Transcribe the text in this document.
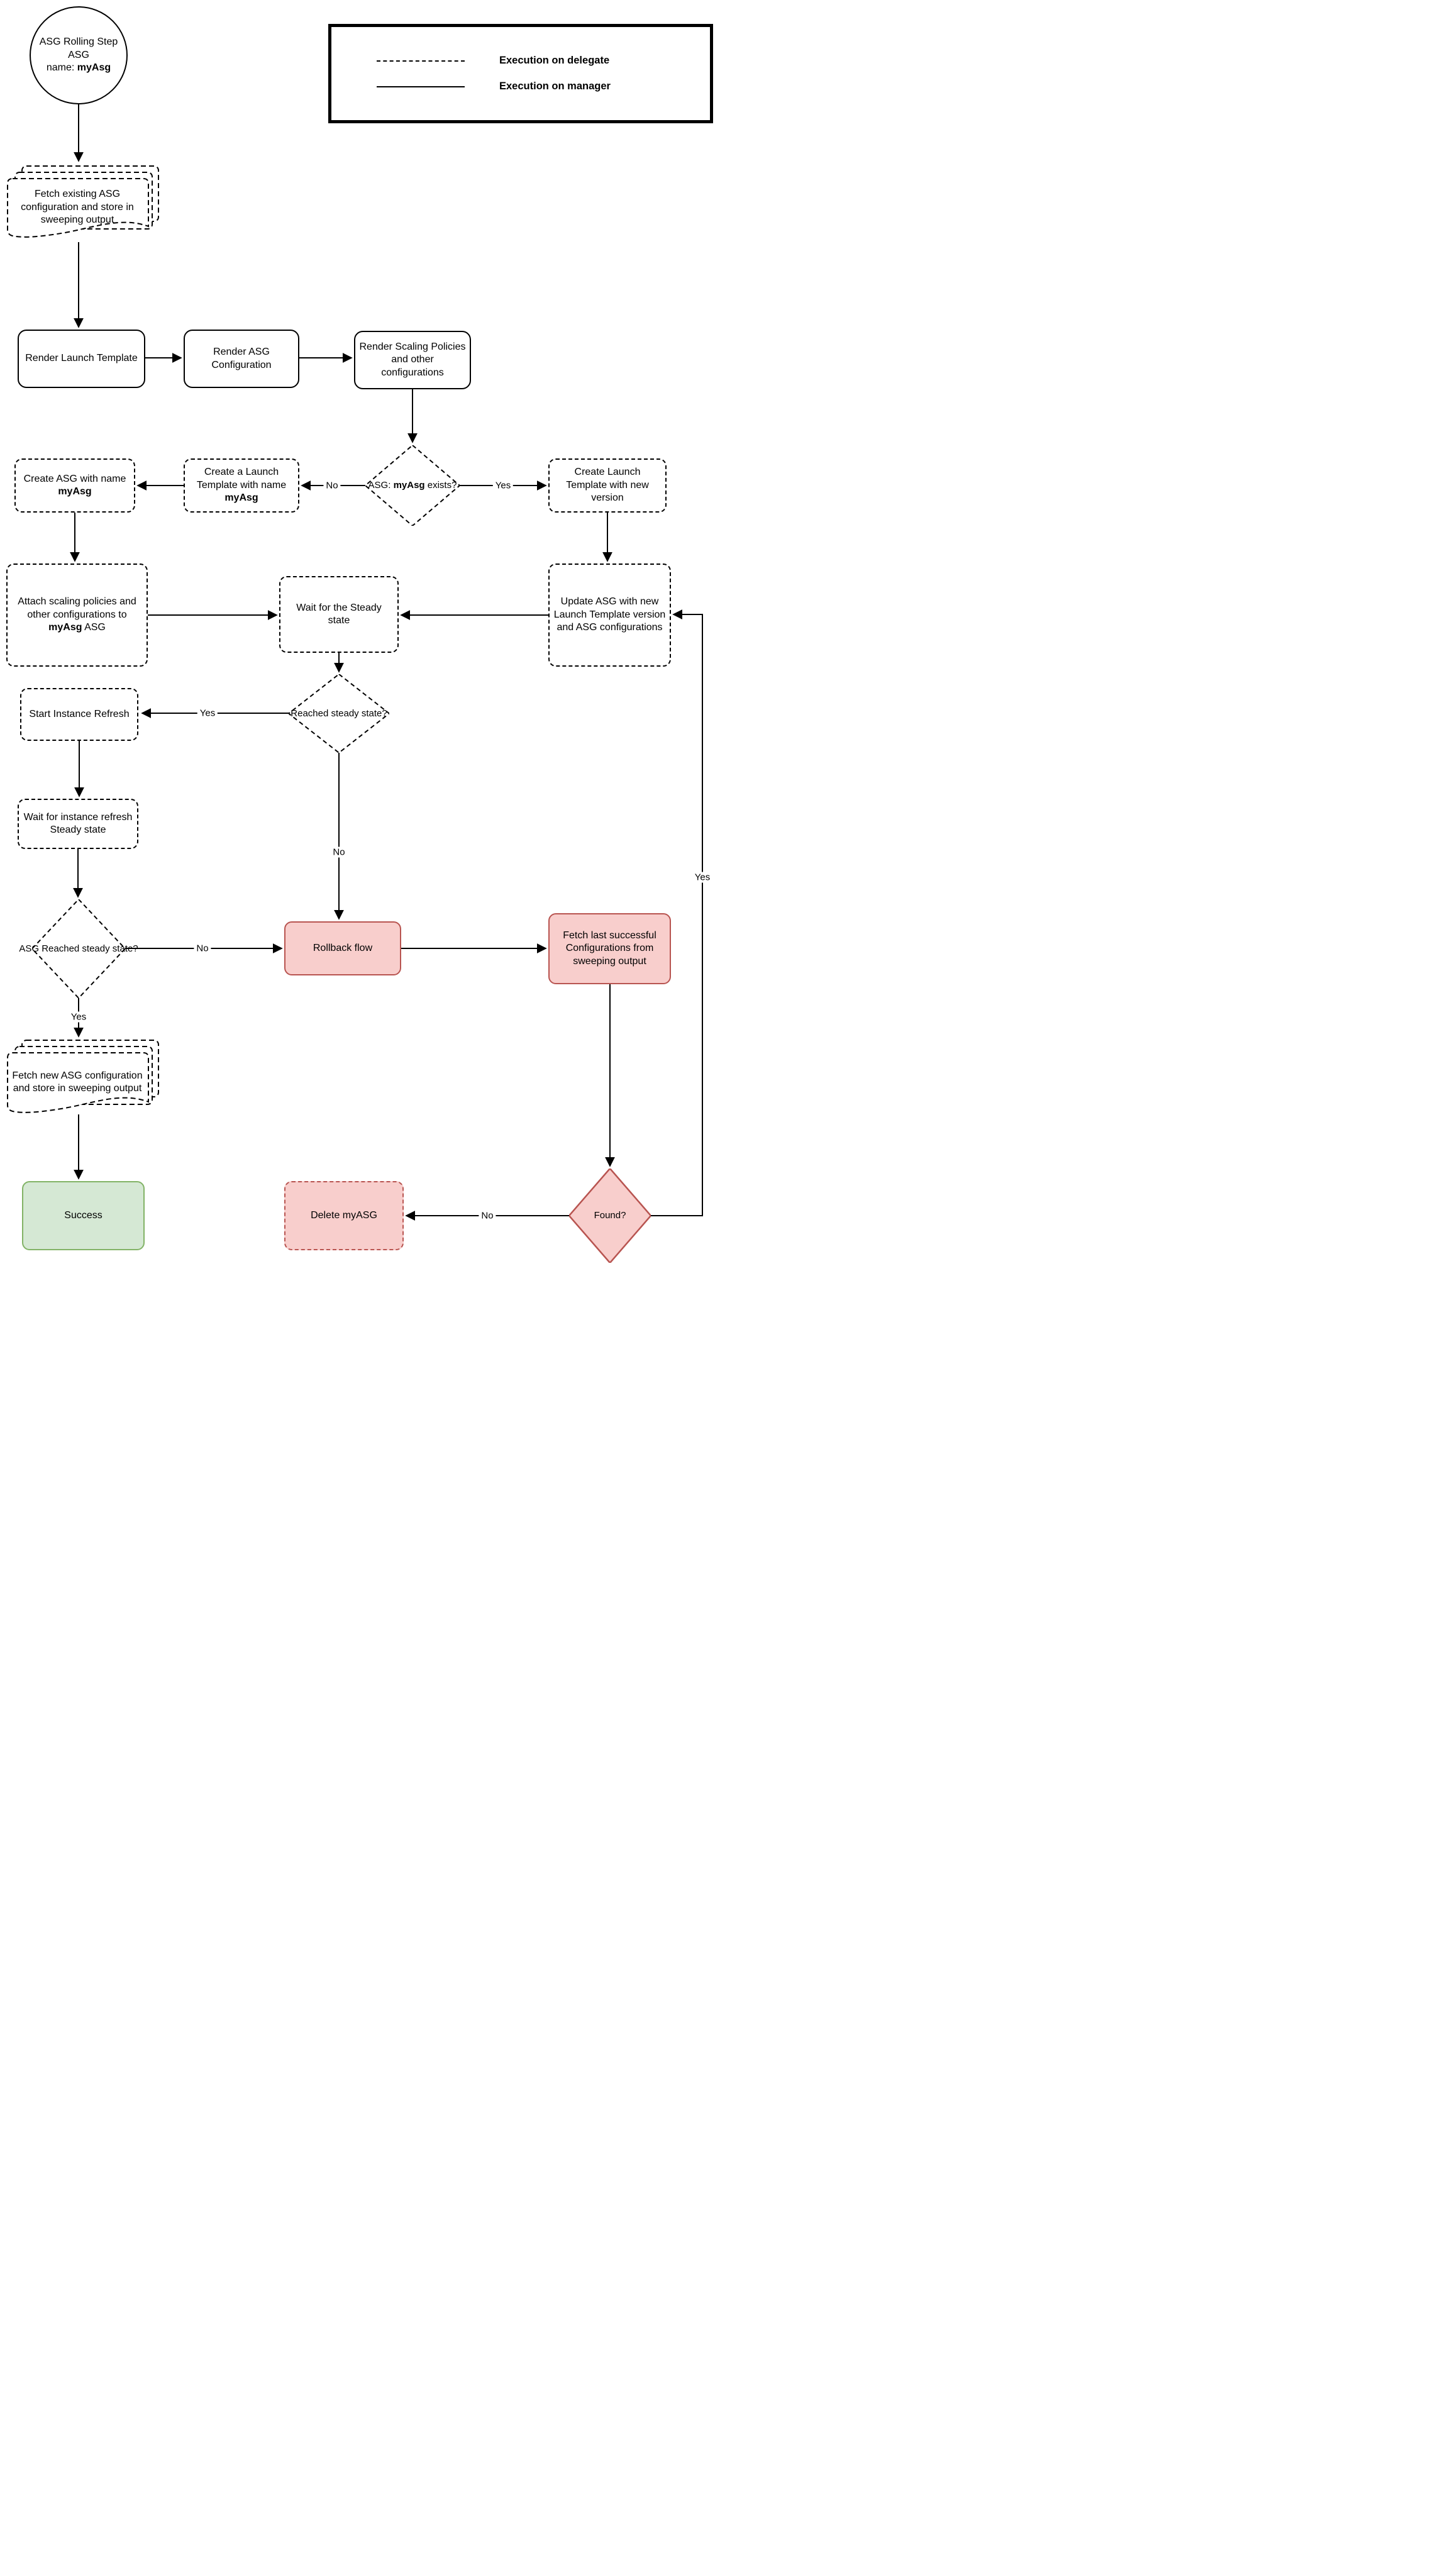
Execution on delegate
Execution on manager
ASG Rolling Step
ASG
name: myAsg
Fetch existing ASG configuration and store in sweeping output
Render Launch Template
Render ASG Configuration
Render Scaling Policies and other configurations
ASG: myAsg exists?
Create a Launch Template with name myAsg
Create ASG with name myAsg
Create Launch Template with new version
Attach scaling policies and other configurations to myAsg ASG
Wait for the Steady state
Update ASG with new Launch Template version and ASG configurations
Reached steady state?
Start Instance Refresh
Wait for instance refresh Steady state
ASG Reached steady state?	Rollback flow
Fetch last successful Configurations from sweeping output
Fetch new ASG configuration and store in sweeping output
Success	Delete myASG	Found?
No	Yes
Yes
No
No
Yes
No
Yes
